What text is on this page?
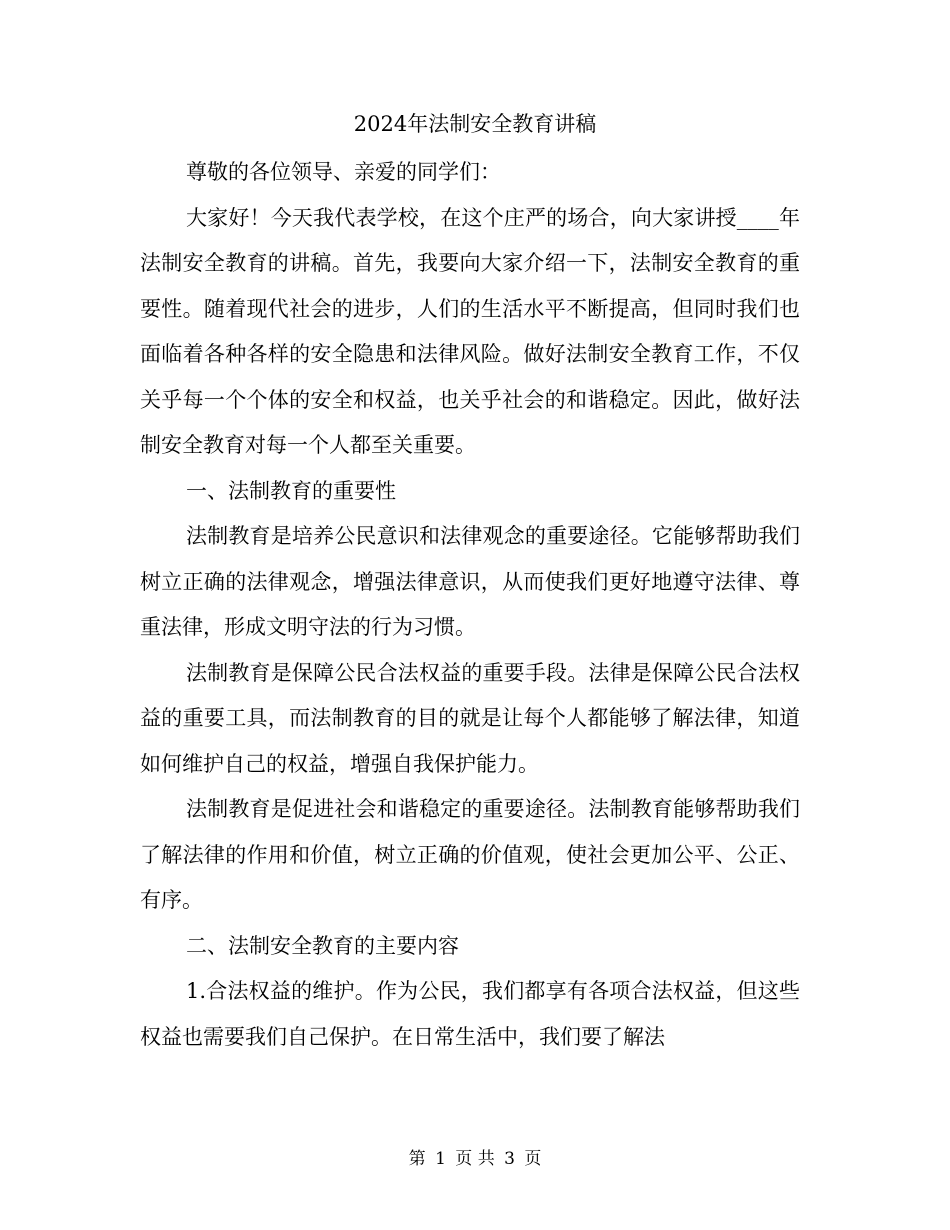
2024年法制安全教育讲稿

尊敬的各位领导、亲爱的同学们：

大家好！今天我代表学校，在这个庄严的场合，向大家讲授____年法制安全教育的讲稿。首先，我要向大家介绍一下，法制安全教育的重要性。随着现代社会的进步，人们的生活水平不断提高，但同时我们也面临着各种各样的安全隐患和法律风险。做好法制安全教育工作，不仅关乎每一个个体的安全和权益，也关乎社会的和谐稳定。因此，做好法制安全教育对每一个人都至关重要。

一、法制教育的重要性

法制教育是培养公民意识和法律观念的重要途径。它能够帮助我们树立正确的法律观念，增强法律意识，从而使我们更好地遵守法律、尊重法律，形成文明守法的行为习惯。

法制教育是保障公民合法权益的重要手段。法律是保障公民合法权益的重要工具，而法制教育的目的就是让每个人都能够了解法律，知道如何维护自己的权益，增强自我保护能力。

法制教育是促进社会和谐稳定的重要途径。法制教育能够帮助我们了解法律的作用和价值，树立正确的价值观，使社会更加公平、公正、有序。

二、法制安全教育的主要内容

1.合法权益的维护。作为公民，我们都享有各项合法权益，但这些权益也需要我们自己保护。在日常生活中，我们要了解法

第 1 页 共 3 页
